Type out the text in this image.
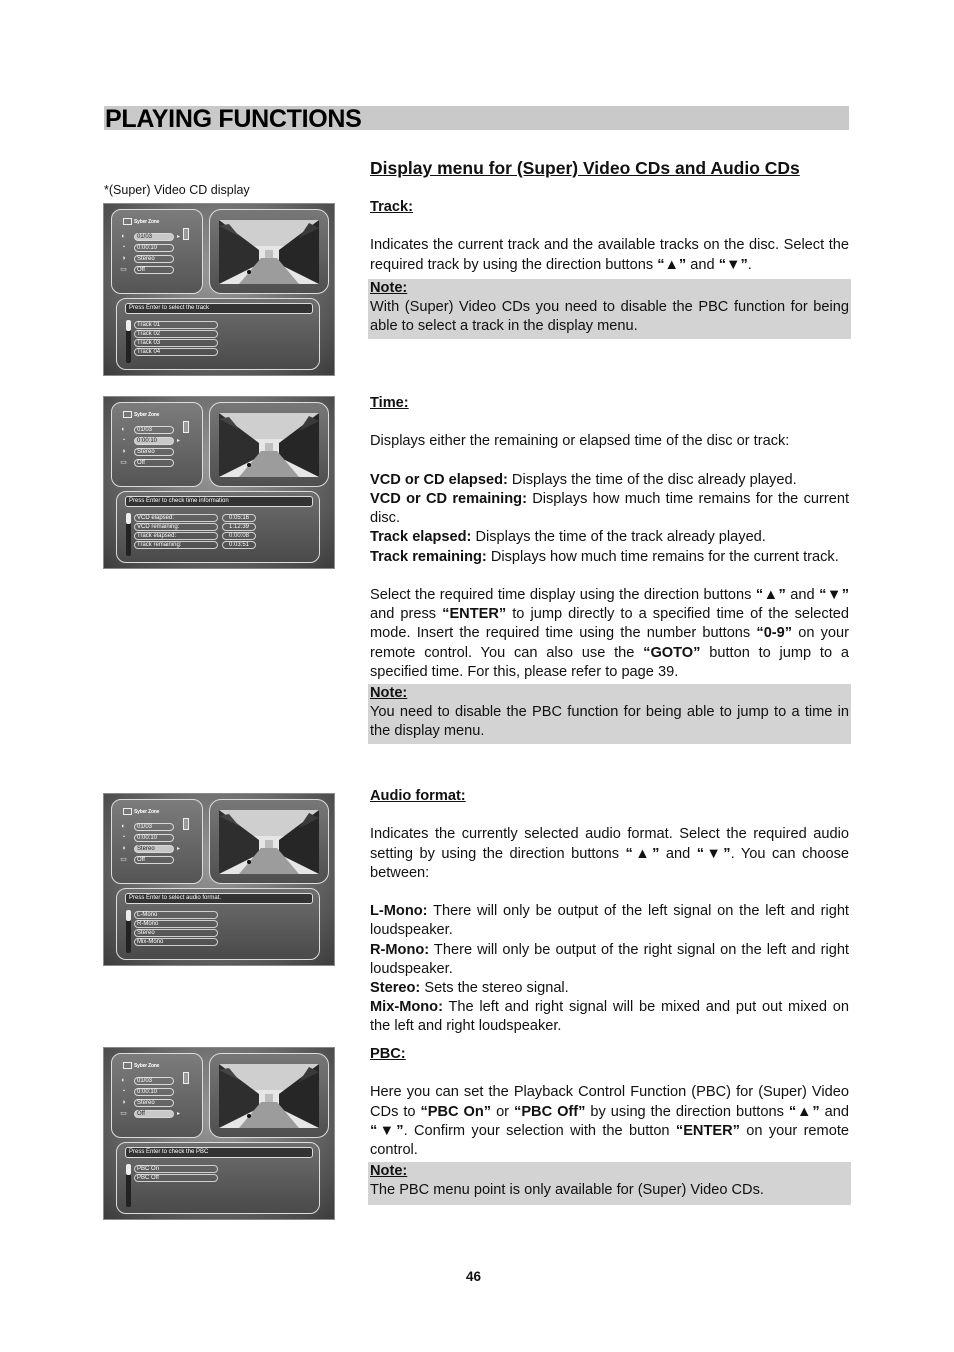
PLAYING FUNCTIONS
*(Super) Video CD display
Display menu for (Super) Video CDs and Audio CDs
Syber Zone
◐	01/03	▸
◔	0:00:10
◑	Stereo
▭	Off
Press Enter to select the track
Track 01
Track 02
Track 03
Track 04
Syber Zone
◐	01/03
◔	0:00:10	▸
◑	Stereo
▭	Off
Press Enter to check time information
VCD elapsed:	0:05:16
VCD remaining:	1:12:39
Track elapsed:	0:00:08
Track remaining:	0:03:51
Syber Zone
◐	01/03
◔	0:00:10
◑	Stereo	▸
▭	Off
Press Enter to select audio format.
L-Mono
R-Mono
Stereo
Mix-Mono
Syber Zone
◐	01/03
◔	0:00:10
◑	Stereo
▭	Off	▸
Press Enter to check the PBC
PBC On
PBC Off
Track:

Indicates the current track and the available tracks on the disc. Select the required track by using the direction buttons “▲” and “▼”.

Note:
With (Super) Video CDs you need to disable the PBC function for being able to select a track in the display menu.
Time:

Displays either the remaining or elapsed time of the disc or track:

VCD or CD elapsed: Displays the time of the disc already played.

VCD or CD remaining: Displays how much time remains for the current disc.

Track elapsed: Displays the time of the track already played.

Track remaining: Displays how much time remains for the current track.

Select the required time display using the direction buttons “▲” and “▼” and press “ENTER” to jump directly to a specified time of the selected mode. Insert the required time using the number buttons “0-9” on your remote control. You can also use the “GOTO” button to jump to a specified time. For this, please refer to page 39.

Note:
You need to disable the PBC function for being able to jump to a time in the display menu.
Audio format:

Indicates the currently selected audio format. Select the required audio setting by using the direction buttons “▲” and “▼”. You can choose between:

L-Mono: There will only be output of the left signal on the left and right loudspeaker.

R-Mono: There will only be output of the right signal on the left and right loudspeaker.

Stereo: Sets the stereo signal.

Mix-Mono: The left and right signal will be mixed and put out mixed on the left and right loudspeaker.

PBC:

Here you can set the Playback Control Function (PBC) for (Super) Video CDs to “PBC On” or “PBC Off” by using the direction buttons “▲” and “▼”. Confirm your selection with the button “ENTER” on your remote control.

Note:
The PBC menu point is only available for (Super) Video CDs.
46
